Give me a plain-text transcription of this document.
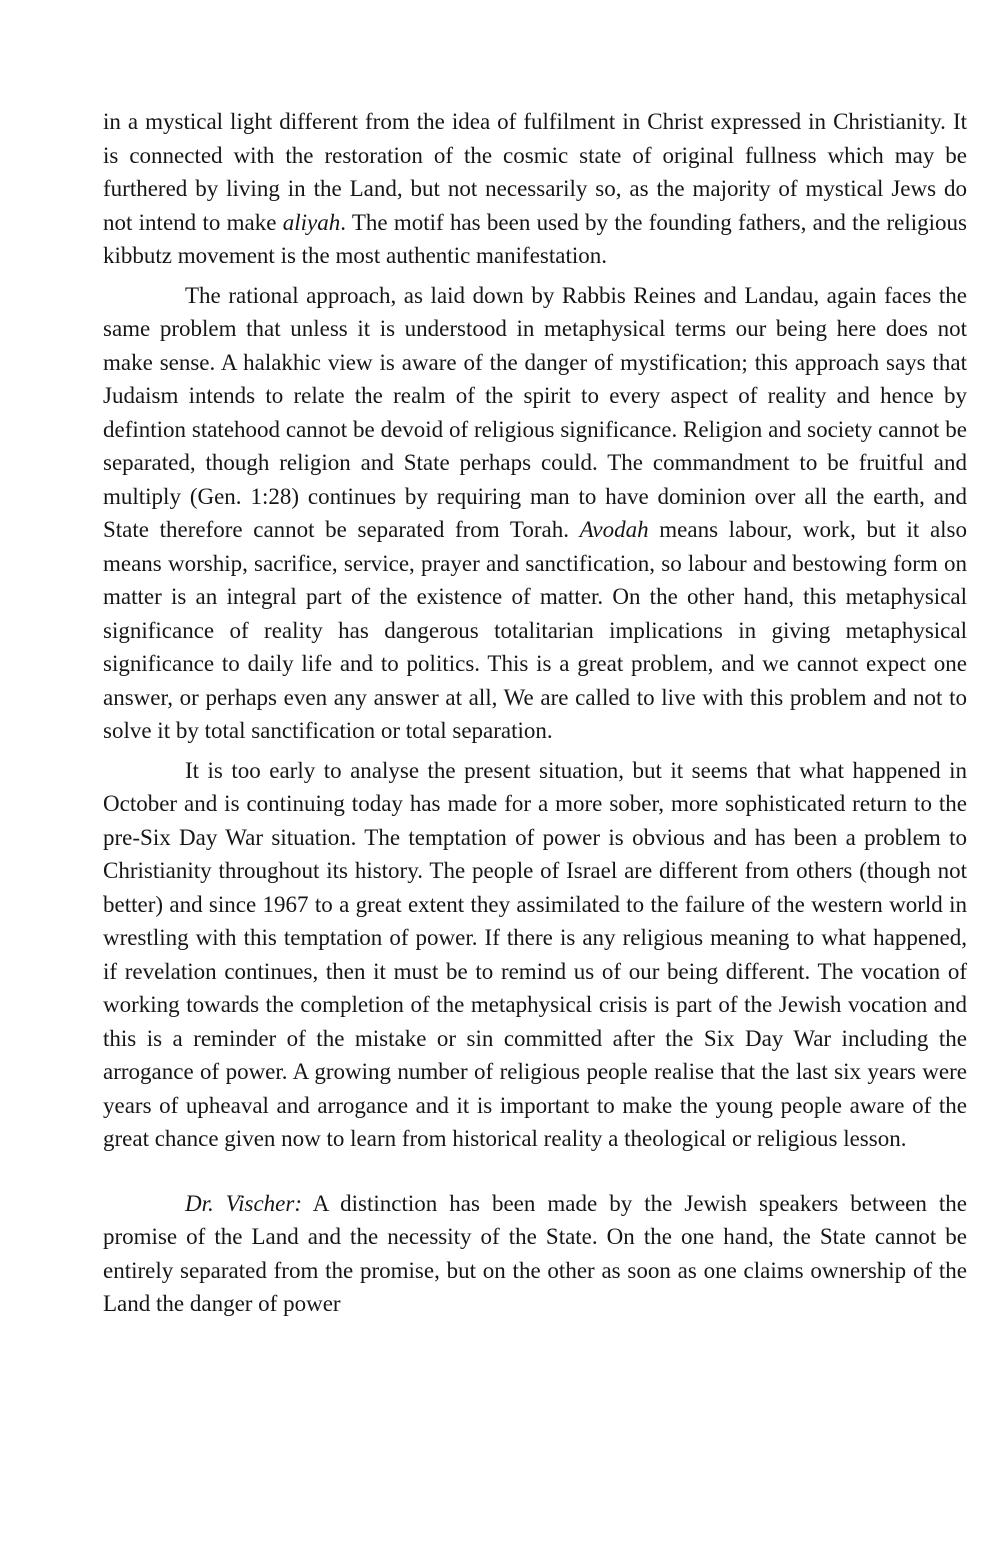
in a mystical light different from the idea of fulfilment in Christ expressed in Christianity. It is connected with the restoration of the cosmic state of original fullness which may be furthered by living in the Land, but not necessarily so, as the majority of mystical Jews do not intend to make aliyah. The motif has been used by the founding fathers, and the religious kibbutz movement is the most authentic manifestation.

The rational approach, as laid down by Rabbis Reines and Landau, again faces the same problem that unless it is understood in metaphysical terms our being here does not make sense. A halakhic view is aware of the danger of mystification; this approach says that Judaism intends to relate the realm of the spirit to every aspect of reality and hence by defintion statehood cannot be devoid of religious significance. Religion and society cannot be separated, though religion and State perhaps could. The commandment to be fruitful and multiply (Gen. 1:28) continues by requiring man to have dominion over all the earth, and State therefore cannot be separated from Torah. Avodah means labour, work, but it also means worship, sacrifice, service, prayer and sanctification, so labour and bestowing form on matter is an integral part of the existence of matter. On the other hand, this metaphysical significance of reality has dangerous totalitarian implications in giving metaphysical significance to daily life and to politics. This is a great problem, and we cannot expect one answer, or perhaps even any answer at all, We are called to live with this problem and not to solve it by total sanctification or total separation.

It is too early to analyse the present situation, but it seems that what happened in October and is continuing today has made for a more sober, more sophisticated return to the pre-Six Day War situation. The temptation of power is obvious and has been a problem to Christianity throughout its history. The people of Israel are different from others (though not better) and since 1967 to a great extent they assimilated to the failure of the western world in wrestling with this temptation of power. If there is any religious meaning to what happened, if revelation continues, then it must be to remind us of our being different. The vocation of working towards the completion of the metaphysical crisis is part of the Jewish vocation and this is a reminder of the mistake or sin committed after the Six Day War including the arrogance of power. A growing number of religious people realise that the last six years were years of upheaval and arrogance and it is important to make the young people aware of the great chance given now to learn from historical reality a theological or religious lesson.

Dr. Vischer: A distinction has been made by the Jewish speakers between the promise of the Land and the necessity of the State. On the one hand, the State cannot be entirely separated from the promise, but on the other as soon as one claims ownership of the Land the danger of power
